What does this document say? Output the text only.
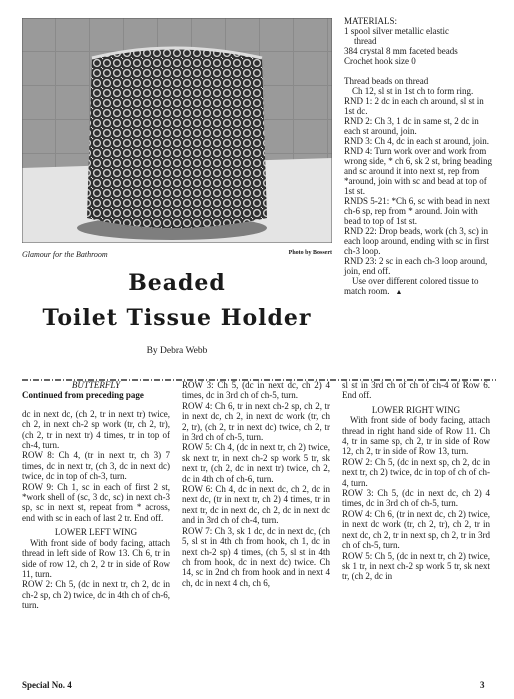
Glamour for the Bathroom	Photo by Bossert
Beaded
Toilet Tissue Holder
By Debra Webb

MATERIALS:

1 spool silver metallic elastic

thread

384 crystal 8 mm faceted beads

Crochet hook size 0

Thread beads on thread

Ch 12, sl st in 1st ch to form ring.

RND 1: 2 dc in each ch around, sl st in 1st dc.

RND 2: Ch 3, 1 dc in same st, 2 dc in each st around, join.

RND 3: Ch 4, dc in each st around, join.

RND 4: Turn work over and work from wrong side, * ch 6, sk 2 st, bring beading and sc around it into next st, rep from *around, join with sc and bead at top of 1st st.

RNDS 5-21: *Ch 6, sc with bead in next ch-6 sp, rep from * around. Join with bead to top of 1st st.

RND 22: Drop beads, work (ch 3, sc) in each loop around, ending with sc in first ch-3 loop.

RND 23: 2 sc in each ch-3 loop around, join, end off.

Use over different colored tissue to match room. ▲

BUTTERFLY

Continued from preceding page

dc in next dc, (ch 2, tr in next tr) twice, ch 2, in next ch-2 sp work (tr, ch 2, tr), (ch 2, tr in next tr) 4 times, tr in top of ch-4, turn.

ROW 8: Ch 4, (tr in next tr, ch 3) 7 times, dc in next tr, (ch 3, dc in next dc) twice, dc in top of ch-3, turn.

ROW 9: Ch 1, sc in each of first 2 st, *work shell of (sc, 3 dc, sc) in next ch-3 sp, sc in next st, repeat from * across, end with sc in each of last 2 tr. End off.

LOWER LEFT WING

With front side of body facing, attach thread in left side of Row 13. Ch 6, tr in side of row 12, ch 2, 2 tr in side of Row 11, turn.

ROW 2: Ch 5, (dc in next tr, ch 2, dc in ch-2 sp, ch 2) twice, dc in 4th ch of ch-6, turn.

ROW 3: Ch 5, (dc in next dc, ch 2) 4 times, dc in 3rd ch of ch-5, turn.

ROW 4: Ch 6, tr in next ch-2 sp, ch 2, tr in next dc, ch 2, in next dc work (tr, ch 2, tr), (ch 2, tr in next dc) twice, ch 2, tr in 3rd ch of ch-5, turn.

ROW 5: Ch 4, (dc in next tr, ch 2) twice, sk next tr, in next ch-2 sp work 5 tr, sk next tr, (ch 2, dc in next tr) twice, ch 2, dc in 4th ch of ch-6, turn.

ROW 6: Ch 4, dc in next dc, ch 2, dc in next dc, (tr in next tr, ch 2) 4 times, tr in next tr, dc in next dc, ch 2, dc in next dc and in 3rd ch of ch-4, turn.

ROW 7: Ch 3, sk 1 dc, dc in next dc, (ch 5, sl st in 4th ch from hook, ch 1, dc in next ch-2 sp) 4 times, (ch 5, sl st in 4th ch from hook, dc in next dc) twice. Ch 14, sc in 2nd ch from hook and in next 4 ch, dc in next 4 ch, ch 6,

sl st in 3rd ch of ch of ch-4 of Row 6. End off.

LOWER RIGHT WING

With front side of body facing, attach thread in right hand side of Row 11. Ch 4, tr in same sp, ch 2, tr in side of Row 12, ch 2, tr in side of Row 13, turn.

ROW 2: Ch 5, (dc in next sp, ch 2, dc in next tr, ch 2) twice, dc in top of ch of ch-4, turn.

ROW 3: Ch 5, (dc in next dc, ch 2) 4 times, dc in 3rd ch of ch-5, turn.

ROW 4: Ch 6, (tr in next dc, ch 2) twice, in next dc work (tr, ch 2, tr), ch 2, tr in next dc, ch 2, tr in next sp, ch 2, tr in 3rd ch of ch-5, turn.

ROW 5: Ch 5, (dc in next tr, ch 2) twice, sk 1 tr, in next ch-2 sp work 5 tr, sk next tr, (ch 2, dc in

Special No. 4	3
